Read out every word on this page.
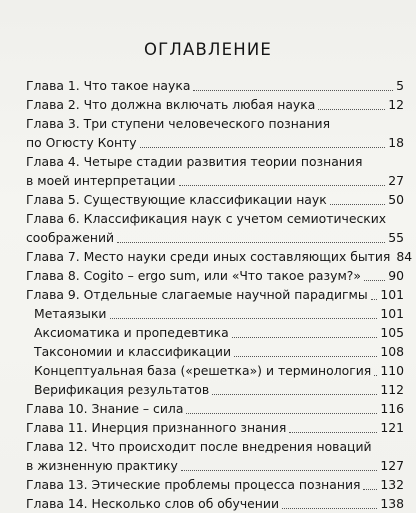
ОГЛАВЛЕНИЕ
Глава 1. Что такое наука	5
Глава 2. Что должна включать любая наука	12
Глава 3. Три ступени человеческого познания
по Огюсту Конту	18
Глава 4. Четыре стадии развития теории познания
в моей интерпретации	27
Глава 5. Существующие классификации наук	50
Глава 6. Классификация наук с учетом семиотических
соображений	55
Глава 7. Место науки среди иных составляющих бытия 84
Глава 8. Cogito – ergo sum, или «Что такое разум?» 90
Глава 9. Отдельные слагаемые научной парадигмы 101
Метаязыки	101
Аксиоматика и пропедевтика	105
Таксономии и классификации	108
Концептуальная база («решетка») и терминология 110
Верификация результатов	112
Глава 10. Знание – сила	116
Глава 11. Инерция признанного знания	121
Глава 12. Что происходит после внедрения новаций
в жизненную практику	127
Глава 13. Этические проблемы процесса познания 132
Глава 14. Несколько слов об обучении	138
